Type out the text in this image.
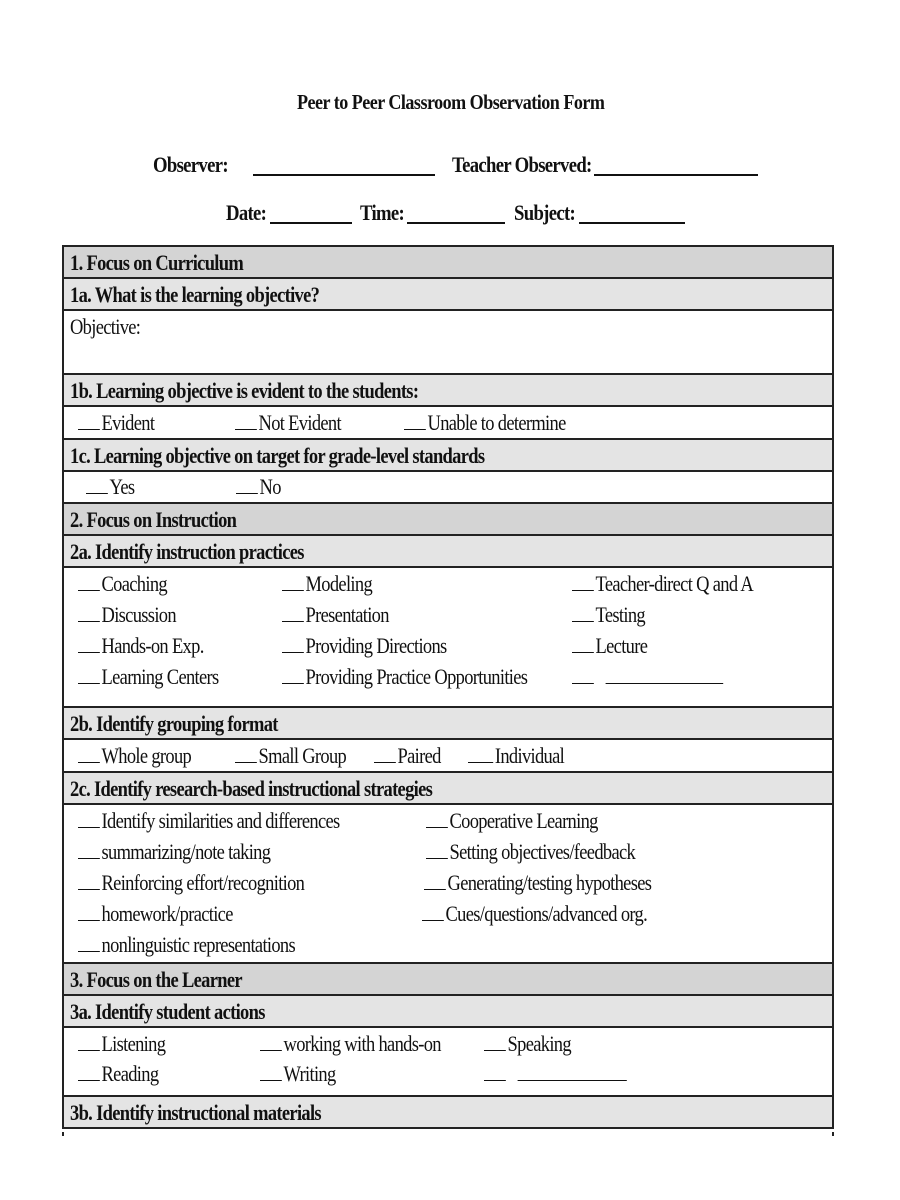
Peer to Peer Classroom Observation Form
Observer:	Teacher Observed:
Date:	Time:	Subject:
1. Focus on Curriculum
1a. What is the learning objective?
Objective:
1b. Learning objective is evident to the students:
Evident	Not Evident	Unable to determine
1c. Learning objective on target for grade-level standards
Yes	No
2. Focus on Instruction
2a. Identify instruction practices
Coaching	Modeling	Teacher-direct Q and A
Discussion	Presentation	Testing
Hands-on Exp.	Providing Directions	Lecture
Learning Centers	Providing Practice Opportunities
2b. Identify grouping format
Whole group	Small Group	Paired	Individual
2c. Identify research-based instructional strategies
Identify similarities and differences	Cooperative Learning
summarizing/note taking	Setting objectives/feedback
Reinforcing effort/recognition	Generating/testing hypotheses
homework/practice	Cues/questions/advanced org.
nonlinguistic representations
3. Focus on the Learner
3a. Identify student actions
Listening	working with hands-on	Speaking
Reading	Writing
3b. Identify instructional materials
